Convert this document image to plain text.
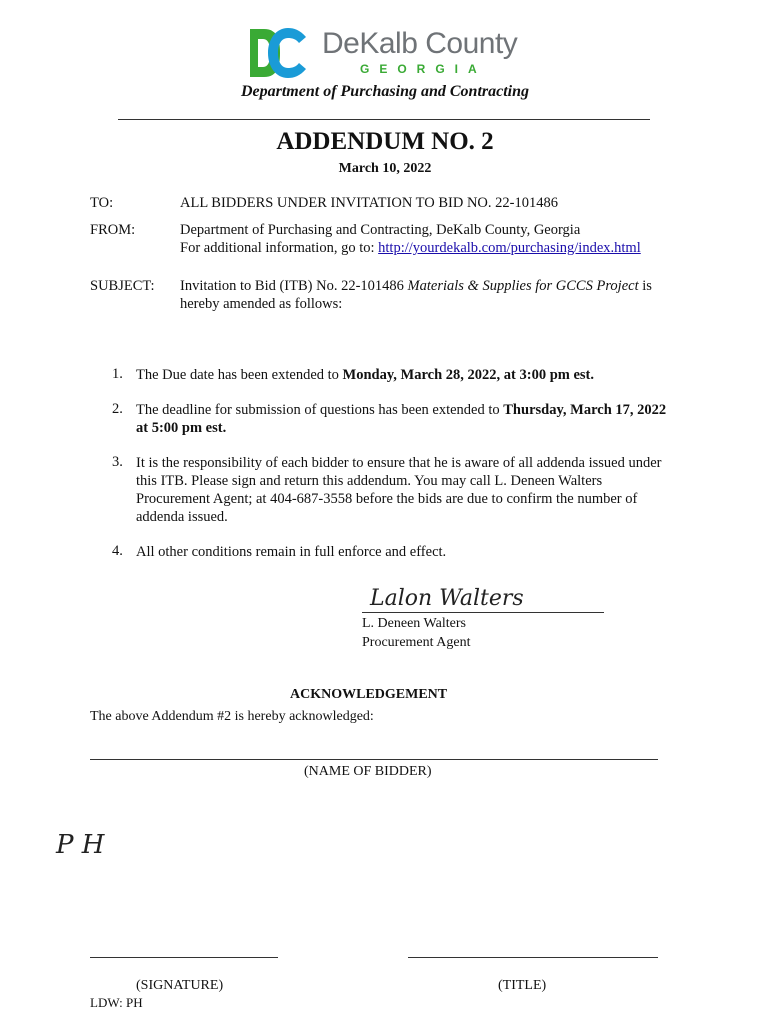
DeKalb County
GEORGIA
Department of Purchasing and Contracting
ADDENDUM NO. 2
March 10, 2022
TO:	ALL BIDDERS UNDER INVITATION TO BID NO. 22-101486
FROM:	Department of Purchasing and Contracting, DeKalb County, Georgia
For additional information, go to: http://yourdekalb.com/purchasing/index.html
SUBJECT: Invitation to Bid (ITB) No. 22-101486 Materials & Supplies for GCCS Project is
hereby amended as follows:
1. The Due date has been extended to Monday, March 28, 2022, at 3:00 pm est.
2. The deadline for submission of questions has been extended to Thursday, March 17, 2022
at 5:00 pm est.
3. It is the responsibility of each bidder to ensure that he is aware of all addenda issued under
this ITB. Please sign and return this addendum. You may call L. Deneen Walters
Procurement Agent; at 404-687-3558 before the bids are due to confirm the number of
addenda issued.
4. All other conditions remain in full enforce and effect.
Lalon Walters
L. Deneen Walters
Procurement Agent
ACKNOWLEDGEMENT
The above Addendum #2 is hereby acknowledged:
(NAME OF BIDDER)
P H
(SIGNATURE)	(TITLE)
LDW: PH
